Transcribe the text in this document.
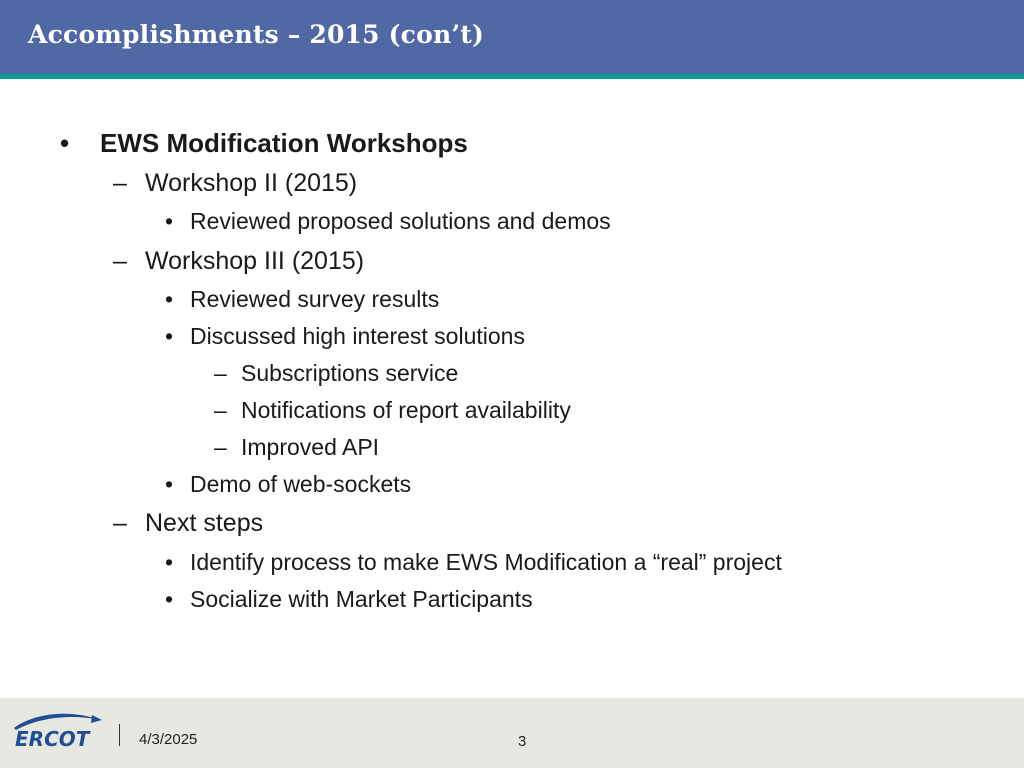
Accomplishments – 2015 (con’t)
• EWS Modification Workshops
– Workshop II (2015)
• Reviewed proposed solutions and demos
– Workshop III (2015)
• Reviewed survey results
• Discussed high interest solutions
– Subscriptions service
– Notifications of report availability
– Improved API
• Demo of web-sockets
– Next steps
• Identify process to make EWS Modification a “real” project
• Socialize with Market Participants
ERCOT	4/3/2025	3
